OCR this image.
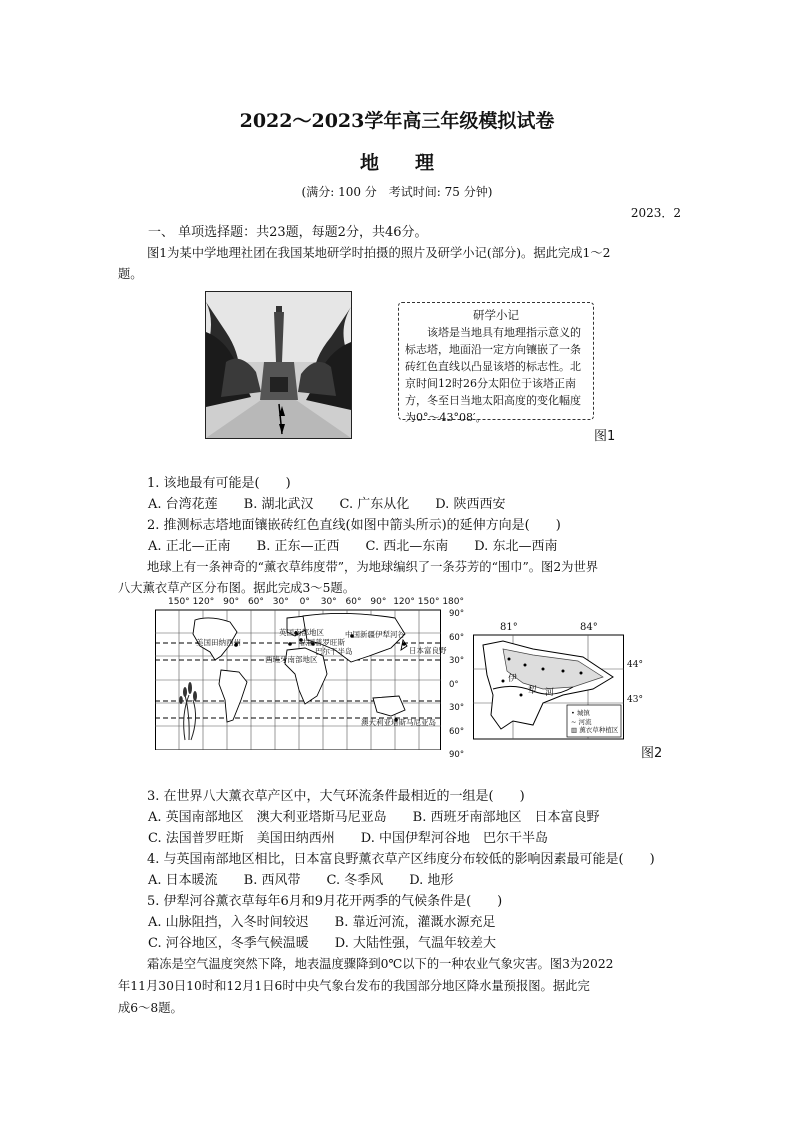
2022～2023学年高三年级模拟试卷
地理
(满分: 100 分　考试时间: 75 分钟)
2023．2
一、 单项选择题：共23题，每题2分，共46分。
图1为某中学地理社团在我国某地研学时拍摄的照片及研学小记(部分)。据此完成1～2
题。
研学小记
该塔是当地具有地理指示意义的
标志塔，地面沿一定方向镶嵌了一条
砖红色直线以凸显该塔的标志性。北
京时间12时26分太阳位于该塔正南
方，冬至日当地太阳高度的变化幅度
为0°～43°08′。
图1
1. 该地最有可能是(　　)
A. 台湾花莲　　B. 湖北武汉　　C. 广东从化　　D. 陕西西安
2. 推测标志塔地面镶嵌砖红色直线(如图中箭头所示)的延伸方向是(　　)
A. 正北—正南　　B. 正东—正西　　C. 西北—东南　　D. 东北—西南
地球上有一条神奇的“薰衣草纬度带”，为地球编织了一条芬芳的“围巾”。图2为世界
八大薰衣草产区分布图。据此完成3～5题。
150° 120° 90° 60° 30° 0° 30° 60° 90° 120° 150° 180°
90°
60°
30°
0°
30°
60°
90°
英国南部地区
美国田纳西州	法国普罗旺斯
中国新疆伊犁河谷
巴尔干半岛	日本富良野
西班牙南部地区
澳大利亚塔斯马尼亚岛
81°	84°
伊
犁 河
44°
43°
• 城镇
~ 河流
▥ 薰衣草种植区
图2
3. 在世界八大薰衣草产区中，大气环流条件最相近的一组是(　　)
A. 英国南部地区　澳大利亚塔斯马尼亚岛　　B. 西班牙南部地区　日本富良野
C. 法国普罗旺斯　美国田纳西州　　D. 中国伊犁河谷地　巴尔干半岛
4. 与英国南部地区相比，日本富良野薰衣草产区纬度分布较低的影响因素最可能是(　　)
A. 日本暖流　　B. 西风带　　C. 冬季风　　D. 地形
5. 伊犁河谷薰衣草每年6月和9月花开两季的气候条件是(　　)
A. 山脉阻挡，入冬时间较迟　　B. 靠近河流，灌溉水源充足
C. 河谷地区，冬季气候温暖　　D. 大陆性强，气温年较差大
霜冻是空气温度突然下降，地表温度骤降到0℃以下的一种农业气象灾害。图3为2022
年11月30日10时和12月1日6时中央气象台发布的我国部分地区降水量预报图。据此完
成6～8题。
